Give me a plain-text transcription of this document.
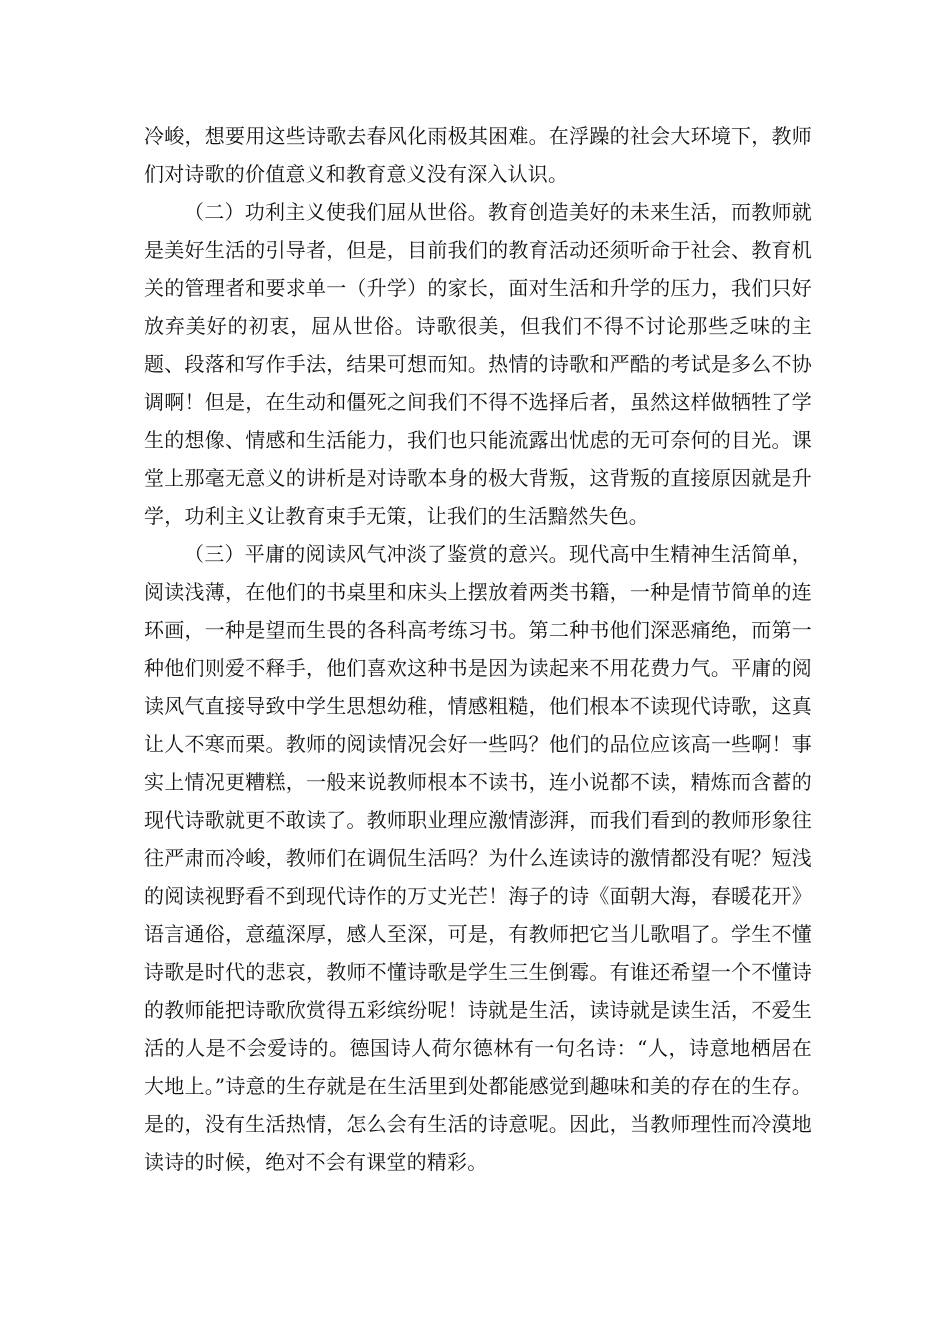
冷峻，想要用这些诗歌去春风化雨极其困难。在浮躁的社会大环境下，教师们对诗歌的价值意义和教育意义没有深入认识。

（二）功利主义使我们屈从世俗。教育创造美好的未来生活，而教师就是美好生活的引导者，但是，目前我们的教育活动还须听命于社会、教育机关的管理者和要求单一（升学）的家长，面对生活和升学的压力，我们只好放弃美好的初衷，屈从世俗。诗歌很美，但我们不得不讨论那些乏味的主题、段落和写作手法，结果可想而知。热情的诗歌和严酷的考试是多么不协调啊！但是，在生动和僵死之间我们不得不选择后者，虽然这样做牺牲了学生的想像、情感和生活能力，我们也只能流露出忧虑的无可奈何的目光。课堂上那毫无意义的讲析是对诗歌本身的极大背叛，这背叛的直接原因就是升学，功利主义让教育束手无策，让我们的生活黯然失色。

（三）平庸的阅读风气冲淡了鉴赏的意兴。现代高中生精神生活简单，阅读浅薄，在他们的书桌里和床头上摆放着两类书籍，一种是情节简单的连环画，一种是望而生畏的各科高考练习书。第二种书他们深恶痛绝，而第一种他们则爱不释手，他们喜欢这种书是因为读起来不用花费力气。平庸的阅读风气直接导致中学生思想幼稚，情感粗糙，他们根本不读现代诗歌，这真让人不寒而栗。教师的阅读情况会好一些吗？他们的品位应该高一些啊！事实上情况更糟糕，一般来说教师根本不读书，连小说都不读，精炼而含蓄的现代诗歌就更不敢读了。教师职业理应激情澎湃，而我们看到的教师形象往往严肃而冷峻，教师们在调侃生活吗？为什么连读诗的激情都没有呢？短浅的阅读视野看不到现代诗作的万丈光芒！海子的诗《面朝大海，春暖花开》语言通俗，意蕴深厚，感人至深，可是，有教师把它当儿歌唱了。学生不懂诗歌是时代的悲哀，教师不懂诗歌是学生三生倒霉。有谁还希望一个不懂诗的教师能把诗歌欣赏得五彩缤纷呢！诗就是生活，读诗就是读生活，不爱生活的人是不会爱诗的。德国诗人荷尔德林有一句名诗：“人，诗意地栖居在大地上。”诗意的生存就是在生活里到处都能感觉到趣味和美的存在的生存。是的，没有生活热情，怎么会有生活的诗意呢。因此，当教师理性而冷漠地读诗的时候，绝对不会有课堂的精彩。
